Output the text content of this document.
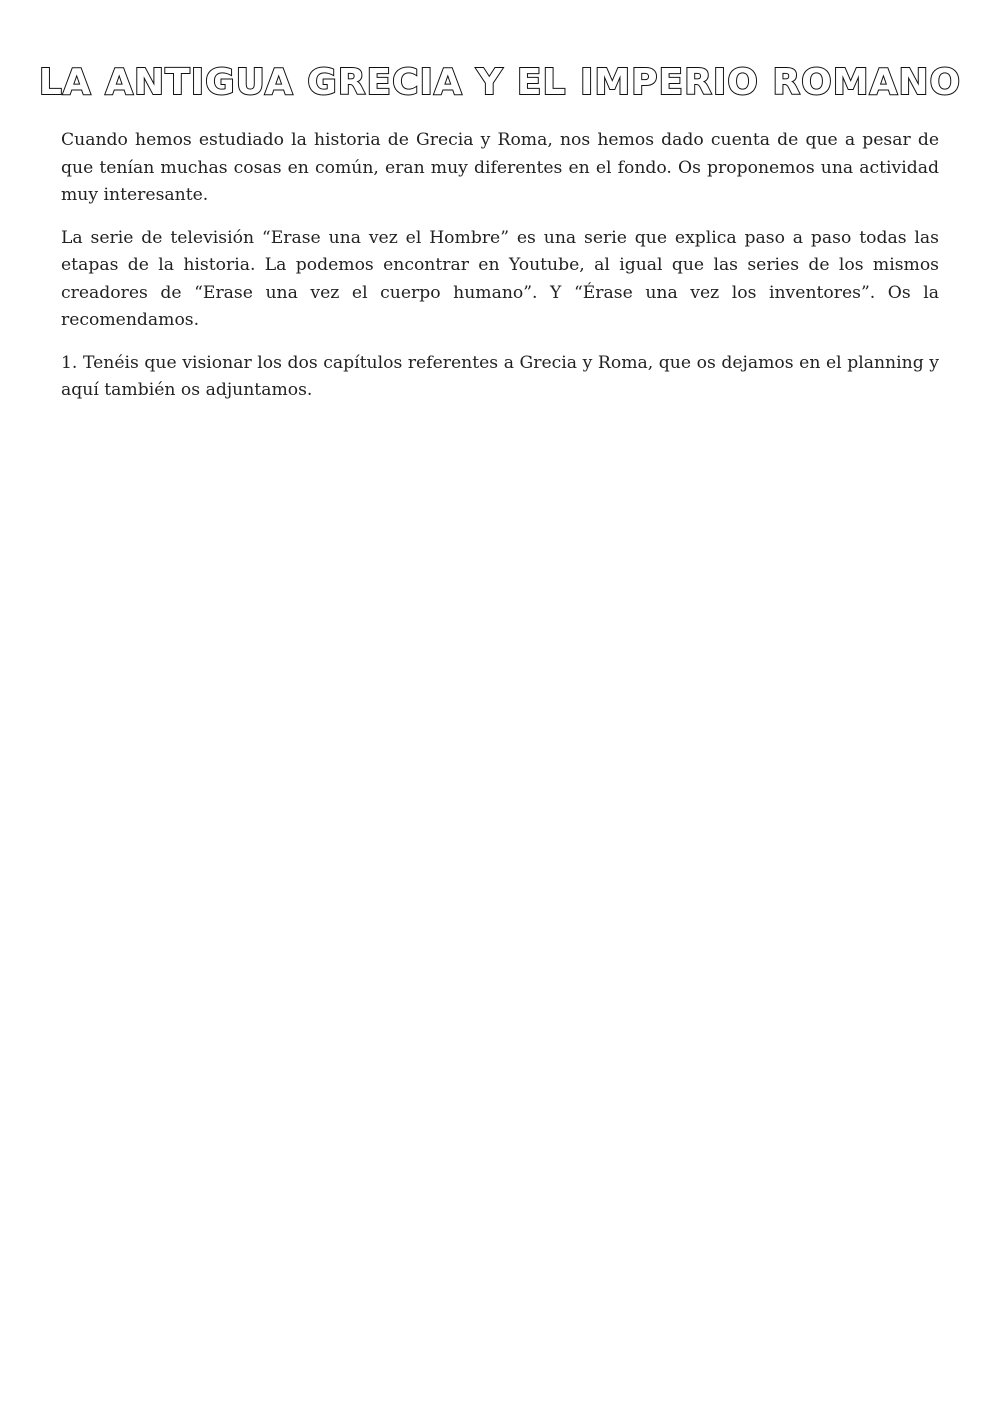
LA ANTIGUA GRECIA Y EL IMPERIO ROMANO

Cuando hemos estudiado la historia de Grecia y Roma, nos hemos dado cuenta de que a pesar de que tenían muchas cosas en común, eran muy diferentes en el fondo. Os proponemos una actividad muy interesante.

La serie de televisión “Erase una vez el Hombre” es una serie que explica paso a paso todas las etapas de la historia. La podemos encontrar en Youtube, al igual que las series de los mismos creadores de “Erase una vez el cuerpo humano”. Y “Érase una vez los inventores”. Os la recomendamos.

1. Tenéis que visionar los dos capítulos referentes a Grecia y Roma, que os dejamos en el planning y aquí también os adjuntamos.
